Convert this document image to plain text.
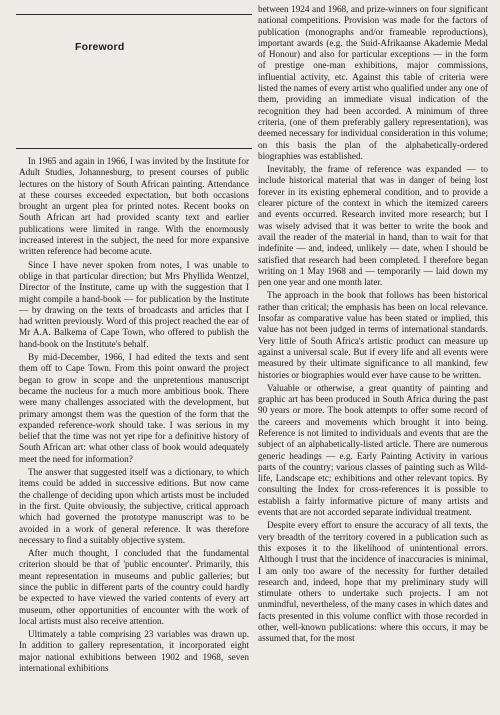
Foreword

In 1965 and again in 1966, I was invited by the Institute for Adult Studies, Johannesburg, to present courses of public lectures on the history of South African painting. Attendance at these courses exceeded expectation, but both occasions brought an urgent plea for printed notes. Recent books on South African art had provided scanty text and earlier publications were limited in range. With the enormously increased interest in the subject, the need for more expansive written reference had become acute.

Since I have never spoken from notes, I was unable to oblige in that particular direction; but Mrs Phyllida Wentzel, Director of the Institute, came up with the suggestion that I might compile a hand-book — for publication by the Institute — by drawing on the texts of broadcasts and articles that I had written previously. Word of this project reached the ear of Mr A.A. Balkema of Cape Town, who offered to publish the hand-book on the Institute's behalf.

By mid-December, 1966, I had edited the texts and sent them off to Cape Town. From this point onward the project began to grow in scope and the unpretentious manuscript became the nucleus for a much more ambitious book. There were many challenges associated with the development, but primary amongst them was the question of the form that the expanded reference-work should take. I was serious in my belief that the time was not yet ripe for a definitive history of South African art: what other class of book would adequately meet the need for information?

The answer that suggested itself was a dictionary, to which items could be added in successive editions. But now came the challenge of deciding upon which artists must be included in the first. Quite obviously, the subjective, critical approach which had governed the prototype manuscript was to be avoided in a work of general reference. It was therefore necessary to find a suitably objective system.

After much thought, I concluded that the fundamental criterion should be that of 'public encounter'. Primarily, this meant representation in museums and public galleries; but since the public in different parts of the country could hardly be expected to have viewed the varied contents of every art museum, other opportunities of encounter with the work of local artists must also receive attention.

Ultimately a table comprising 23 variables was drawn up. In addition to gallery representation, it incorporated eight major national exhibitions between 1902 and 1968, seven international exhibitions

between 1924 and 1968, and prize-winners on four significant national competitions. Provision was made for the factors of publication (monographs and/or frameable reproductions), important awards (e.g. the Suid-Afrikaanse Akademie Medal of Honour) and also for particular exceptions — in the form of prestige one-man exhibitions, major commissions, influential activity, etc. Against this table of criteria were listed the names of every artist who qualified under any one of them, providing an immediate visual indication of the recognition they had been accorded. A minimum of three criteria, (one of them preferably gallery representation), was deemed necessary for individual consideration in this volume; on this basis the plan of the alphabetically-ordered biographies was established.

Inevitably, the frame of reference was expanded — to include historical material that was in danger of being lost forever in its existing ephemeral condition, and to provide a clearer picture of the context in which the itemized careers and events occurred. Research invited more research; but I was wisely advised that it was better to write the book and avail the reader of the material in hand, than to wait for that indefinite — and, indeed, unlikely — date, when I should be satisfied that research had been completed. I therefore began writing on 1 May 1968 and — temporarily — laid down my pen one year and one month later.

The approach in the book that follows has been historical rather than critical; the emphasis has been on local relevance. Insofar as comparative value has been stated or implied, this value has not been judged in terms of international standards. Very little of South Africa's artistic product can measure up against a universal scale. But if every life and all events were measured by their ultimate significance to all mankind, few histories or biographies would ever have cause to be written.

Valuable or otherwise, a great quantity of painting and graphic art has been produced in South Africa during the past 90 years or more. The book attempts to offer some record of the careers and movements which brought it into being. Reference is not limited to individuals and events that are the subject of an alphabetically-listed article. There are numerous generic headings — e.g. Early Painting Activity in various parts of the country; various classes of painting such as Wild-life, Landscape etc; exhibitions and other relevant topics. By consulting the Index for cross-references it is possible to establish a fairly informative picture of many artists and events that are not accorded separate individual treatment.

Despite every effort to ensure the accuracy of all texts, the very breadth of the territory covered in a publication such as this exposes it to the likelihood of unintentional errors. Although I trust that the incidence of inaccuracies is minimal, I am only too aware of the necessity for further detailed research and, indeed, hope that my preliminary study will stimulate others to undertake such projects. I am not unmindful, nevertheless, of the many cases in which dates and facts presented in this volume conflict with those recorded in other, well-known publications: where this occurs, it may be assumed that, for the most
